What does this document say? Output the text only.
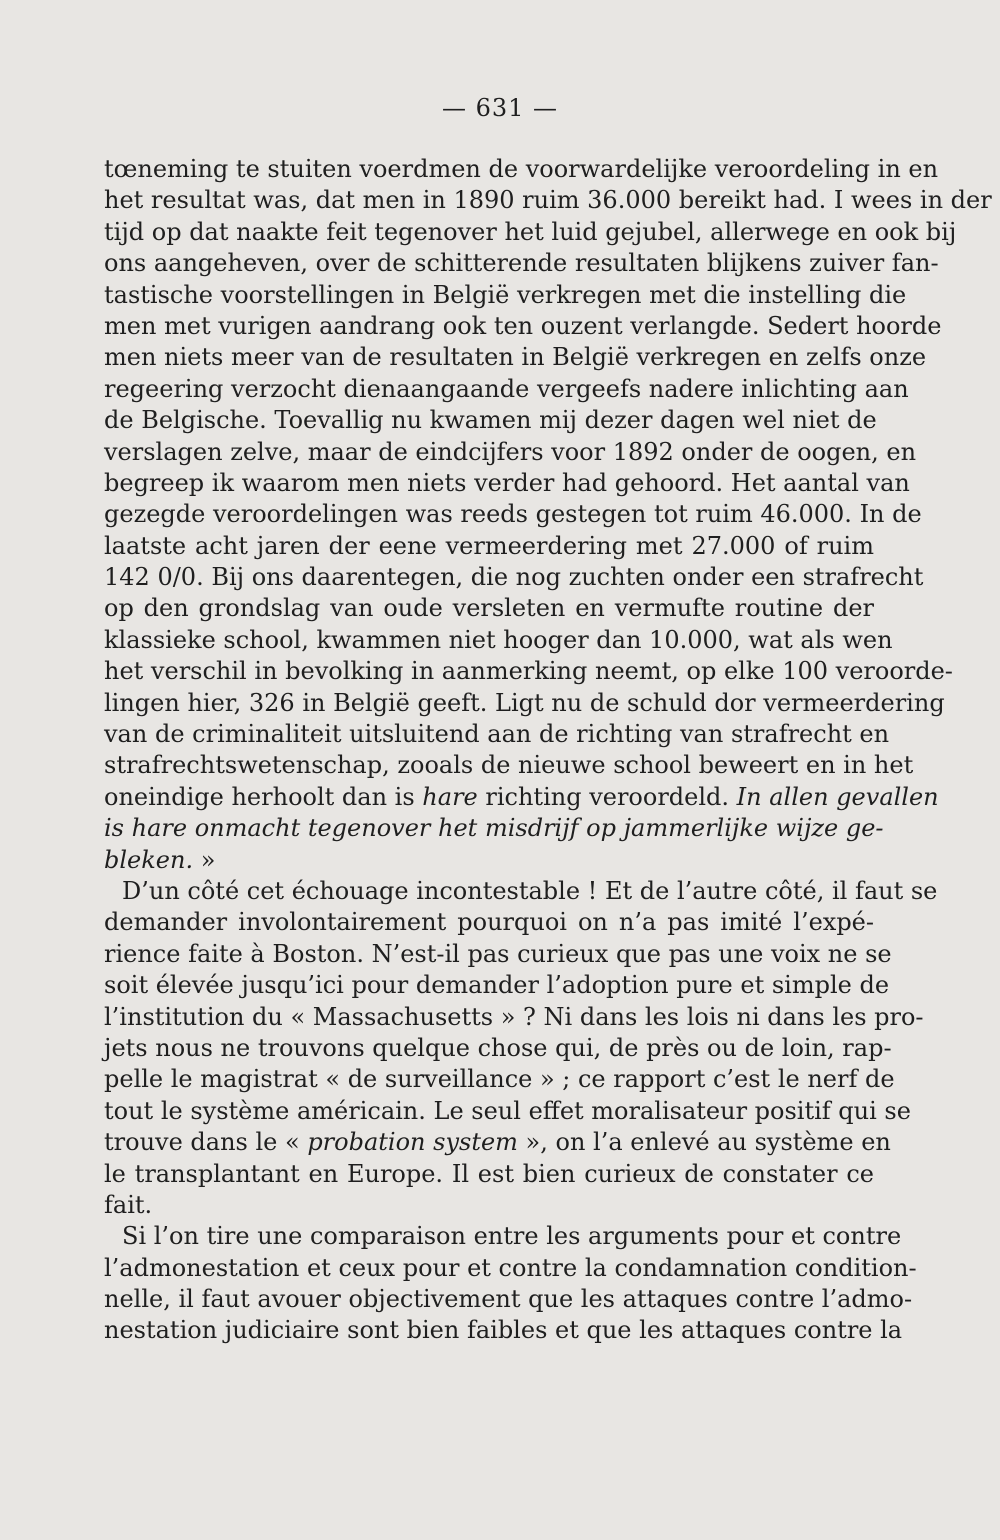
— 631 —
tœneming te stuiten voerdmen de voorwardelijke veroordeling in en
het resultat was, dat men in 1890 ruim 36.000 bereikt had. I wees in der
tijd op dat naakte feit tegenover het luid gejubel, allerwege en ook bij
ons aangeheven, over de schitterende resultaten blijkens zuiver fan-
tastische voorstellingen in België verkregen met die instelling die
men met vurigen aandrang ook ten ouzent verlangde. Sedert hoorde
men niets meer van de resultaten in België verkregen en zelfs onze
regeering verzocht dienaangaande vergeefs nadere inlichting aan
de Belgische. Toevallig nu kwamen mij dezer dagen wel niet de
verslagen zelve, maar de eindcijfers voor 1892 onder de oogen, en
begreep ik waarom men niets verder had gehoord. Het aantal van
gezegde veroordelingen was reeds gestegen tot ruim 46.000. In de
laatste acht jaren der eene vermeerdering met 27.000 of ruim
142 0/0. Bij ons daarentegen, die nog zuchten onder een strafrecht
op den grondslag van oude versleten en vermufte routine der
klassieke school, kwammen niet hooger dan 10.000, wat als wen
het verschil in bevolking in aanmerking neemt, op elke 100 veroorde-
lingen hier, 326 in België geeft. Ligt nu de schuld dor vermeerdering
van de criminaliteit uitsluitend aan de richting van strafrecht en
strafrechtswetenschap, zooals de nieuwe school beweert en in het
oneindige herhoolt dan is hare richting veroordeld. In allen gevallen
is hare onmacht tegenover het misdrijf op jammerlijke wijze ge-
bleken. »
D’un côté cet échouage incontestable ! Et de l’autre côté, il faut se
demander involontairement pourquoi on n’a pas imité l’expé-
rience faite à Boston. N’est-il pas curieux que pas une voix ne se
soit élevée jusqu’ici pour demander l’adoption pure et simple de
l’institution du « Massachusetts » ? Ni dans les lois ni dans les pro-
jets nous ne trouvons quelque chose qui, de près ou de loin, rap-
pelle le magistrat « de surveillance » ; ce rapport c’est le nerf de
tout le système américain. Le seul effet moralisateur positif qui se
trouve dans le « probation system », on l’a enlevé au système en
le transplantant en Europe. Il est bien curieux de constater ce
fait.
Si l’on tire une comparaison entre les arguments pour et contre
l’admonestation et ceux pour et contre la condamnation condition-
nelle, il faut avouer objectivement que les attaques contre l’admo-
nestation judiciaire sont bien faibles et que les attaques contre la
